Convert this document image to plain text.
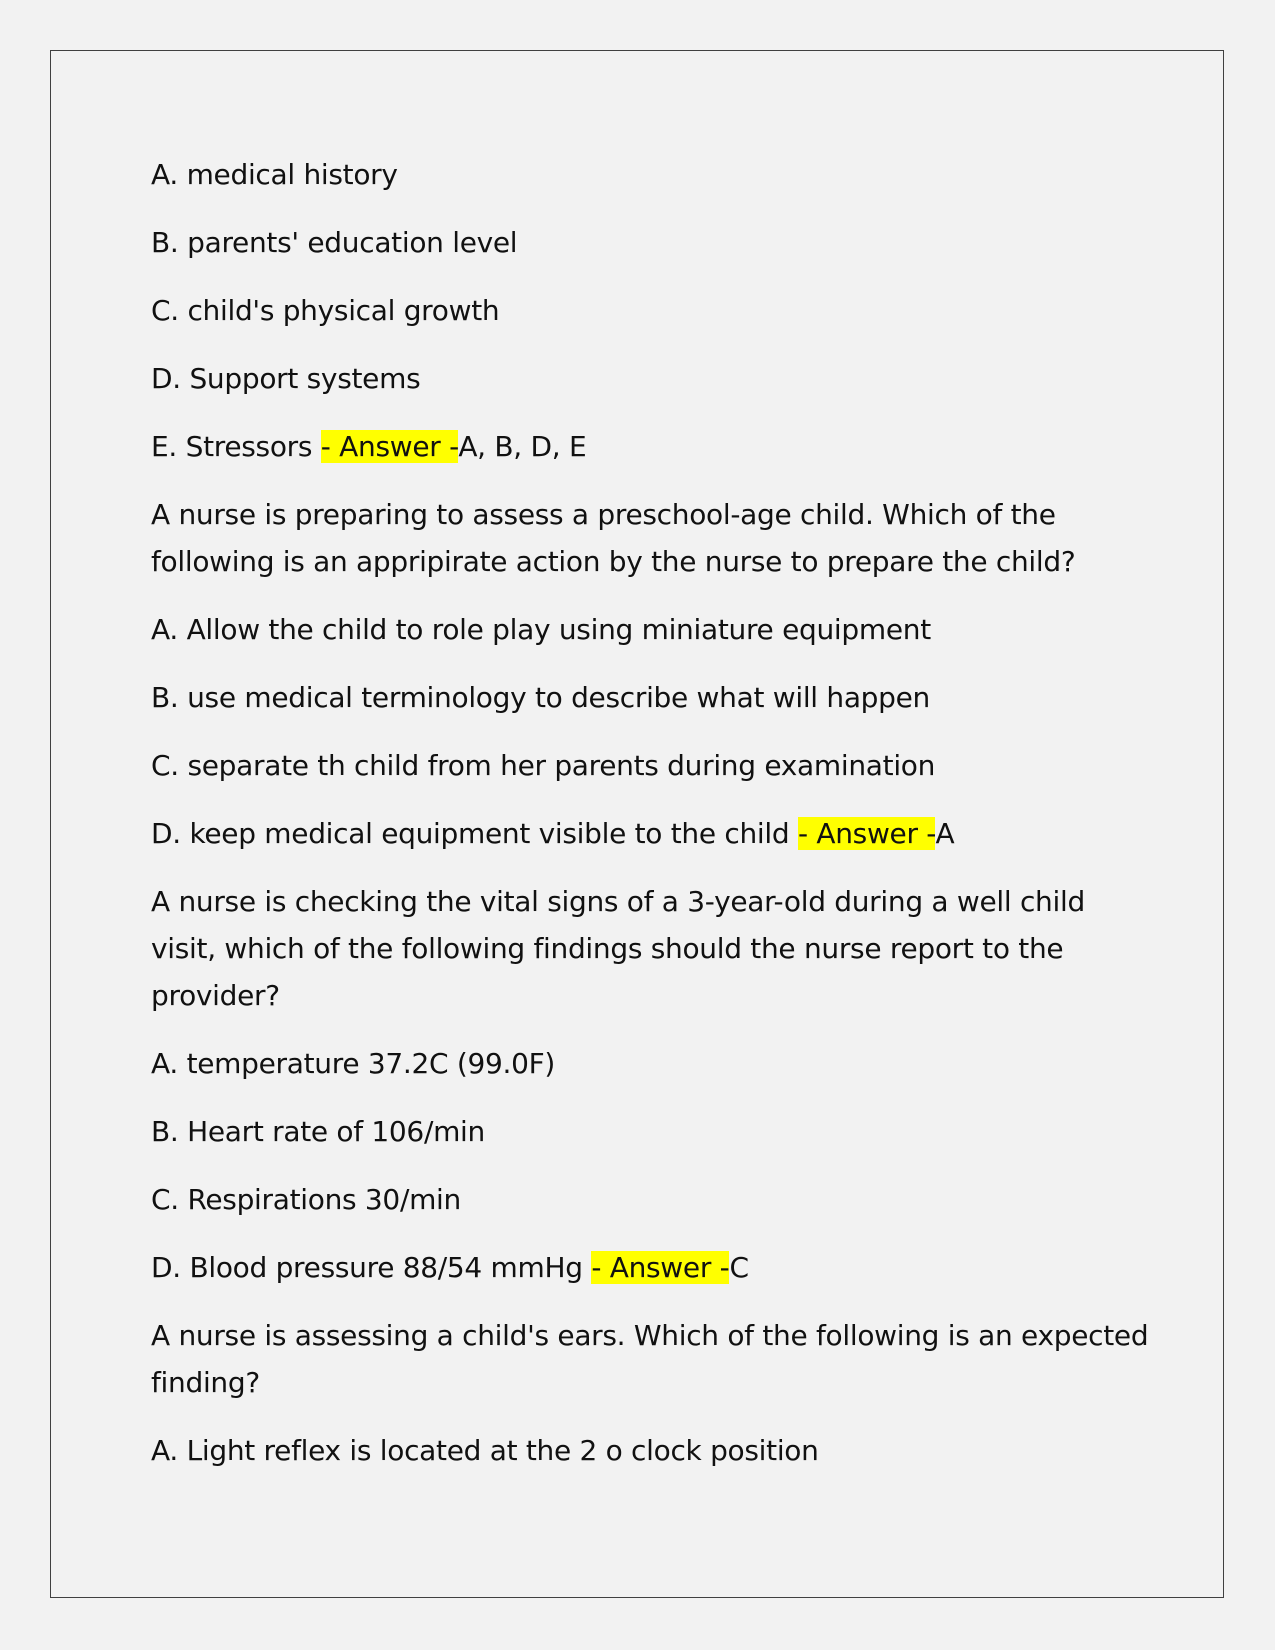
A. medical history

B. parents' education level

C. child's physical growth

D. Support systems

E. Stressors - Answer -A, B, D, E

A nurse is preparing to assess a preschool-age child. Which of the following is an appripirate action by the nurse to prepare the child?

A. Allow the child to role play using miniature equipment

B. use medical terminology to describe what will happen

C. separate th child from her parents during examination

D. keep medical equipment visible to the child - Answer -A

A nurse is checking the vital signs of a 3-year-old during a well child visit, which of the following findings should the nurse report to the provider?

A. temperature 37.2C (99.0F)

B. Heart rate of 106/min

C. Respirations 30/min

D. Blood pressure 88/54 mmHg - Answer -C

A nurse is assessing a child's ears. Which of the following is an expected finding?

A. Light reflex is located at the 2 o clock position
